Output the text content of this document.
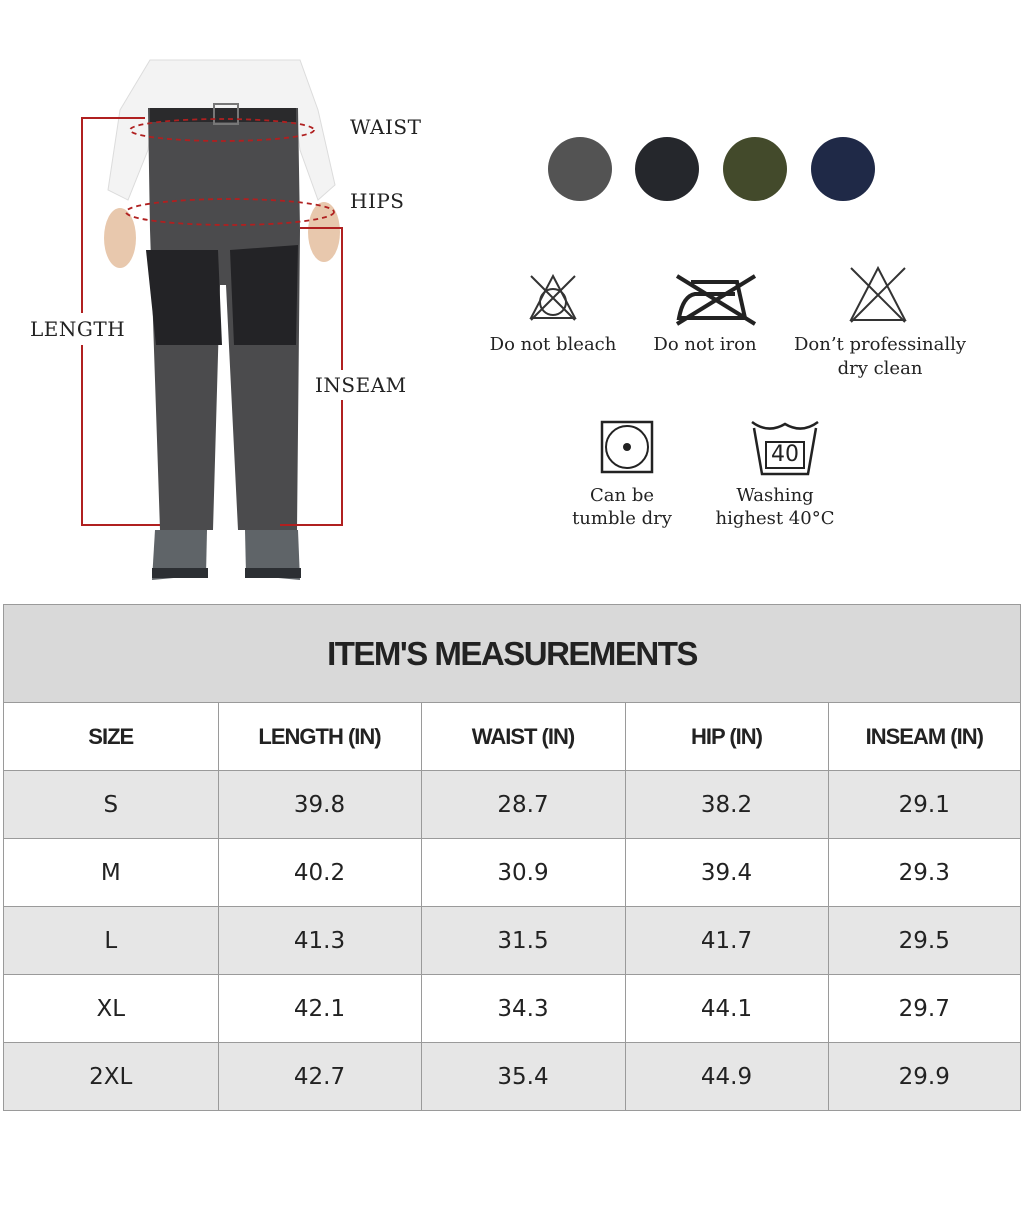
WAIST
HIPS
LENGTH
INSEAM
Do not bleach	Do not iron	Don’t professinally
dry clean
Can be
tumble dry
40
Washing
highest 40°C
ITEM'S MEASUREMENTS
SIZE	LENGTH (IN)	WAIST (IN)	HIP (IN)	INSEAM (IN)
S	39.8	28.7	38.2	29.1
M	40.2	30.9	39.4	29.3
L	41.3	31.5	41.7	29.5
XL	42.1	34.3	44.1	29.7
2XL	42.7	35.4	44.9	29.9
